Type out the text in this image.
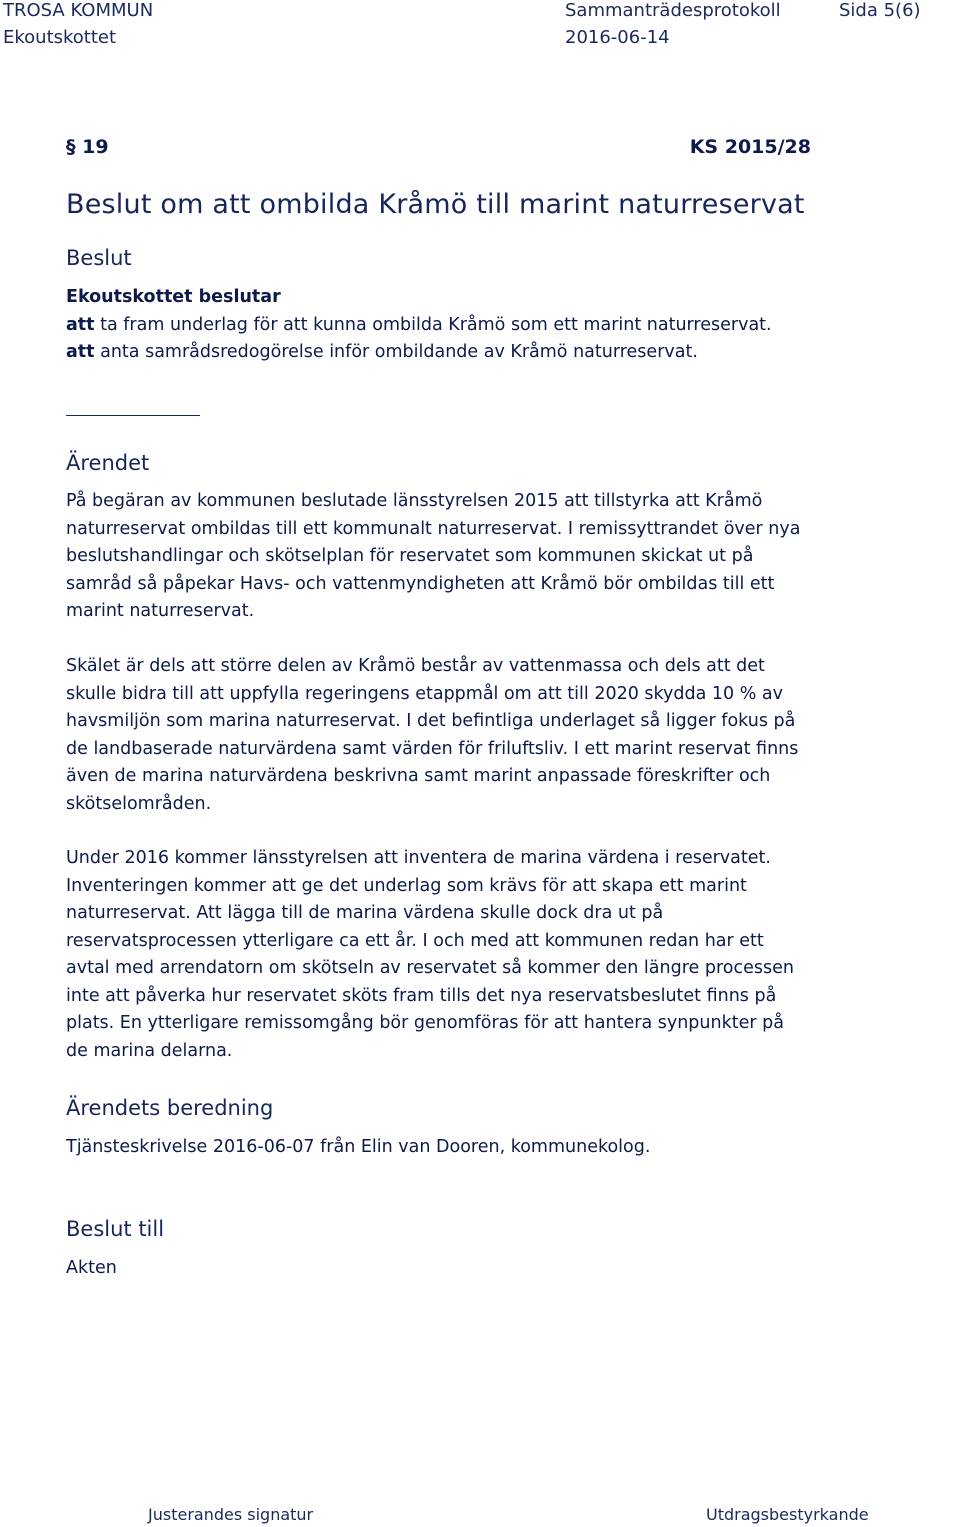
TROSA KOMMUN
Ekoutskottet
Sammanträdesprotokoll
2016-06-14
Sida 5(6)
§ 19	KS 2015/28
Beslut om att ombilda Kråmö till marint naturreservat
Beslut
Ekoutskottet beslutar
att ta fram underlag för att kunna ombilda Kråmö som ett marint naturreservat.
att anta samrådsredogörelse inför ombildande av Kråmö naturreservat.
Ärendet
På begäran av kommunen beslutade länsstyrelsen 2015 att tillstyrka att Kråmö
naturreservat ombildas till ett kommunalt naturreservat. I remissyttrandet över nya
beslutshandlingar och skötselplan för reservatet som kommunen skickat ut på
samråd så påpekar Havs- och vattenmyndigheten att Kråmö bör ombildas till ett
marint naturreservat.
Skälet är dels att större delen av Kråmö består av vattenmassa och dels att det
skulle bidra till att uppfylla regeringens etappmål om att till 2020 skydda 10 % av
havsmiljön som marina naturreservat. I det befintliga underlaget så ligger fokus på
de landbaserade naturvärdena samt värden för friluftsliv. I ett marint reservat finns
även de marina naturvärdena beskrivna samt marint anpassade föreskrifter och
skötselområden.
Under 2016 kommer länsstyrelsen att inventera de marina värdena i reservatet.
Inventeringen kommer att ge det underlag som krävs för att skapa ett marint
naturreservat. Att lägga till de marina värdena skulle dock dra ut på
reservatsprocessen ytterligare ca ett år. I och med att kommunen redan har ett
avtal med arrendatorn om skötseln av reservatet så kommer den längre processen
inte att påverka hur reservatet sköts fram tills det nya reservatsbeslutet finns på
plats. En ytterligare remissomgång bör genomföras för att hantera synpunkter på
de marina delarna.
Ärendets beredning
Tjänsteskrivelse 2016-06-07 från Elin van Dooren, kommunekolog.
Beslut till
Akten
Justerandes signatur	Utdragsbestyrkande
